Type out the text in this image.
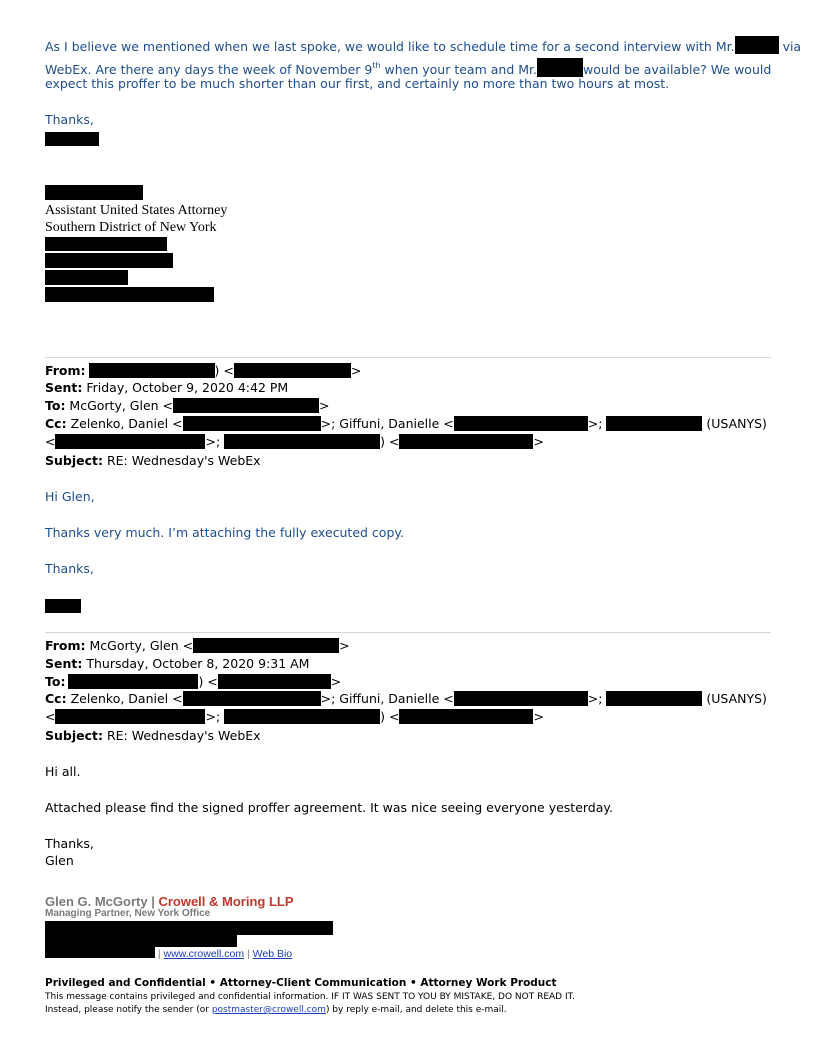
As I believe we mentioned when we last spoke, we would like to schedule time for a second interview with Mr.	via
WebEx. Are there any days the week of November 9th when your team and Mr.	would be available? We would
expect this proffer to be much shorter than our first, and certainly no more than two hours at most.
Thanks,
Assistant United States Attorney
Southern District of New York
From:	) <	>
Sent: Friday, October 9, 2020 4:42 PM
To: McGorty, Glen <	>
Cc: Zelenko, Daniel <	>; Giffuni, Danielle <	>;	(USANYS)
<	>;	) <	>
Subject: RE: Wednesday's WebEx
Hi Glen,
Thanks very much. I’m attaching the fully executed copy.
Thanks,
From: McGorty, Glen <	>
Sent: Thursday, October 8, 2020 9:31 AM
To:	) <	>
Cc: Zelenko, Daniel <	>; Giffuni, Danielle <	>;	(USANYS)
<	>;	) <	>
Subject: RE: Wednesday's WebEx
Hi all.
Attached please find the signed proffer agreement. It was nice seeing everyone yesterday.
Thanks,
Glen
Glen G. McGorty | Crowell & Moring LLP
Managing Partner, New York Office
| www.crowell.com | Web Bio
Privileged and Confidential • Attorney-Client Communication • Attorney Work Product
This message contains privileged and confidential information. IF IT WAS SENT TO YOU BY MISTAKE, DO NOT READ IT.
Instead, please notify the sender (or postmaster@crowell.com) by reply e-mail, and delete this e-mail.
